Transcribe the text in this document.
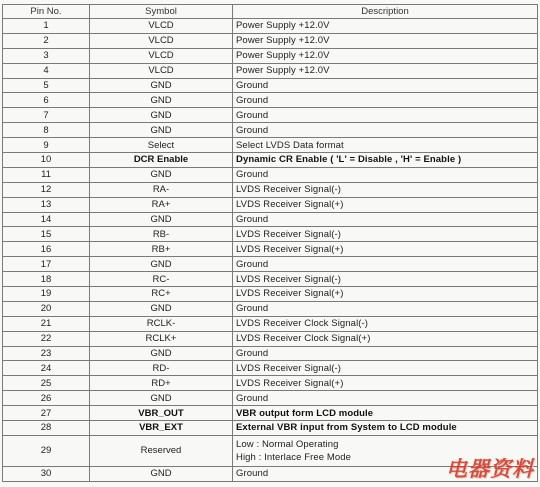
Pin No.	Symbol	Description
1	VLCD	Power Supply +12.0V
2	VLCD	Power Supply +12.0V
3	VLCD	Power Supply +12.0V
4	VLCD	Power Supply +12.0V
5	GND	Ground
6	GND	Ground
7	GND	Ground
8	GND	Ground
9	Select	Select LVDS Data format
10	DCR Enable	Dynamic CR Enable ( 'L' = Disable , 'H' = Enable )
11	GND	Ground
12	RA-	LVDS Receiver Signal(-)
13	RA+	LVDS Receiver Signal(+)
14	GND	Ground
15	RB-	LVDS Receiver Signal(-)
16	RB+	LVDS Receiver Signal(+)
17	GND	Ground
18	RC-	LVDS Receiver Signal(-)
19	RC+	LVDS Receiver Signal(+)
20	GND	Ground
21	RCLK-	LVDS Receiver Clock Signal(-)
22	RCLK+	LVDS Receiver Clock Signal(+)
23	GND	Ground
24	RD-	LVDS Receiver Signal(-)
25	RD+	LVDS Receiver Signal(+)
26	GND	Ground
27	VBR_OUT	VBR output form LCD module
28	VBR_EXT	External VBR input from System to LCD module
29	Reserved	Low : Normal Operating
High : Interlace Free Mode

30	GND	Ground	电器资料
